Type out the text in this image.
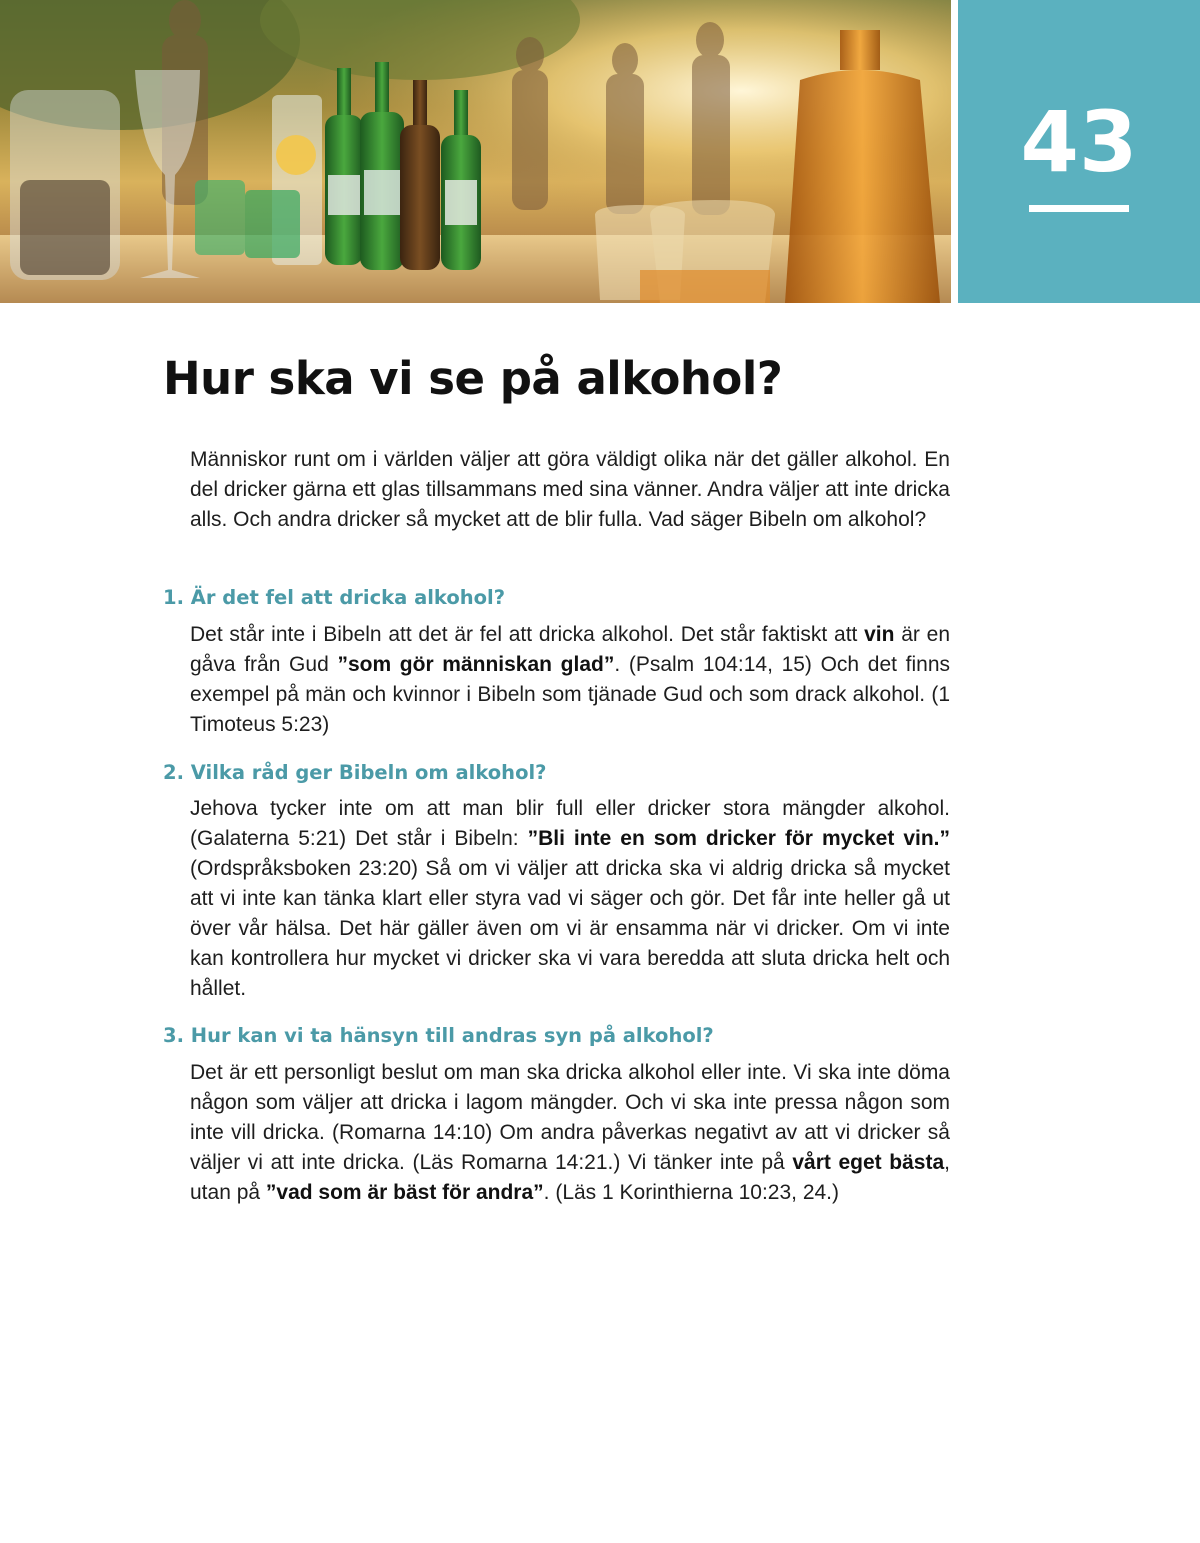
43
Hur ska vi se på alkohol?

Människor runt om i världen väljer att göra väldigt olika när det gäller alkohol. En del dricker gärna ett glas tillsammans med sina vänner. Andra väljer att inte dricka alls. Och andra dricker så mycket att de blir fulla. Vad säger Bibeln om alkohol?

1. Är det fel att dricka alkohol?

Det står inte i Bibeln att det är fel att dricka alkohol. Det står faktiskt att vin är en gåva från Gud ”som gör människan glad”. (Psalm 104:14, 15) Och det finns exempel på män och kvinnor i Bibeln som tjänade Gud och som drack alkohol. (1 Timoteus 5:23)

2. Vilka råd ger Bibeln om alkohol?

Jehova tycker inte om att man blir full eller dricker stora mängder alkohol. (Galaterna 5:21) Det står i Bibeln: ”Bli inte en som dricker för mycket vin.” (Ordspråksboken 23:20) Så om vi väljer att dricka ska vi aldrig dricka så mycket att vi inte kan tänka klart eller styra vad vi säger och gör. Det får inte heller gå ut över vår hälsa. Det här gäller även om vi är ensamma när vi dricker. Om vi inte kan kontrollera hur mycket vi dricker ska vi vara beredda att sluta dricka helt och hållet.

3. Hur kan vi ta hänsyn till andras syn på alkohol?

Det är ett personligt beslut om man ska dricka alkohol eller inte. Vi ska inte döma någon som väljer att dricka i lagom mängder. Och vi ska inte pressa någon som inte vill dricka. (Romarna 14:10) Om andra påverkas negativt av att vi dricker så väljer vi att inte dricka. (Läs Romarna 14:21.) Vi tänker inte på vårt eget bästa, utan på ”vad som är bäst för andra”. (Läs 1 Korinthierna 10:23, 24.)
